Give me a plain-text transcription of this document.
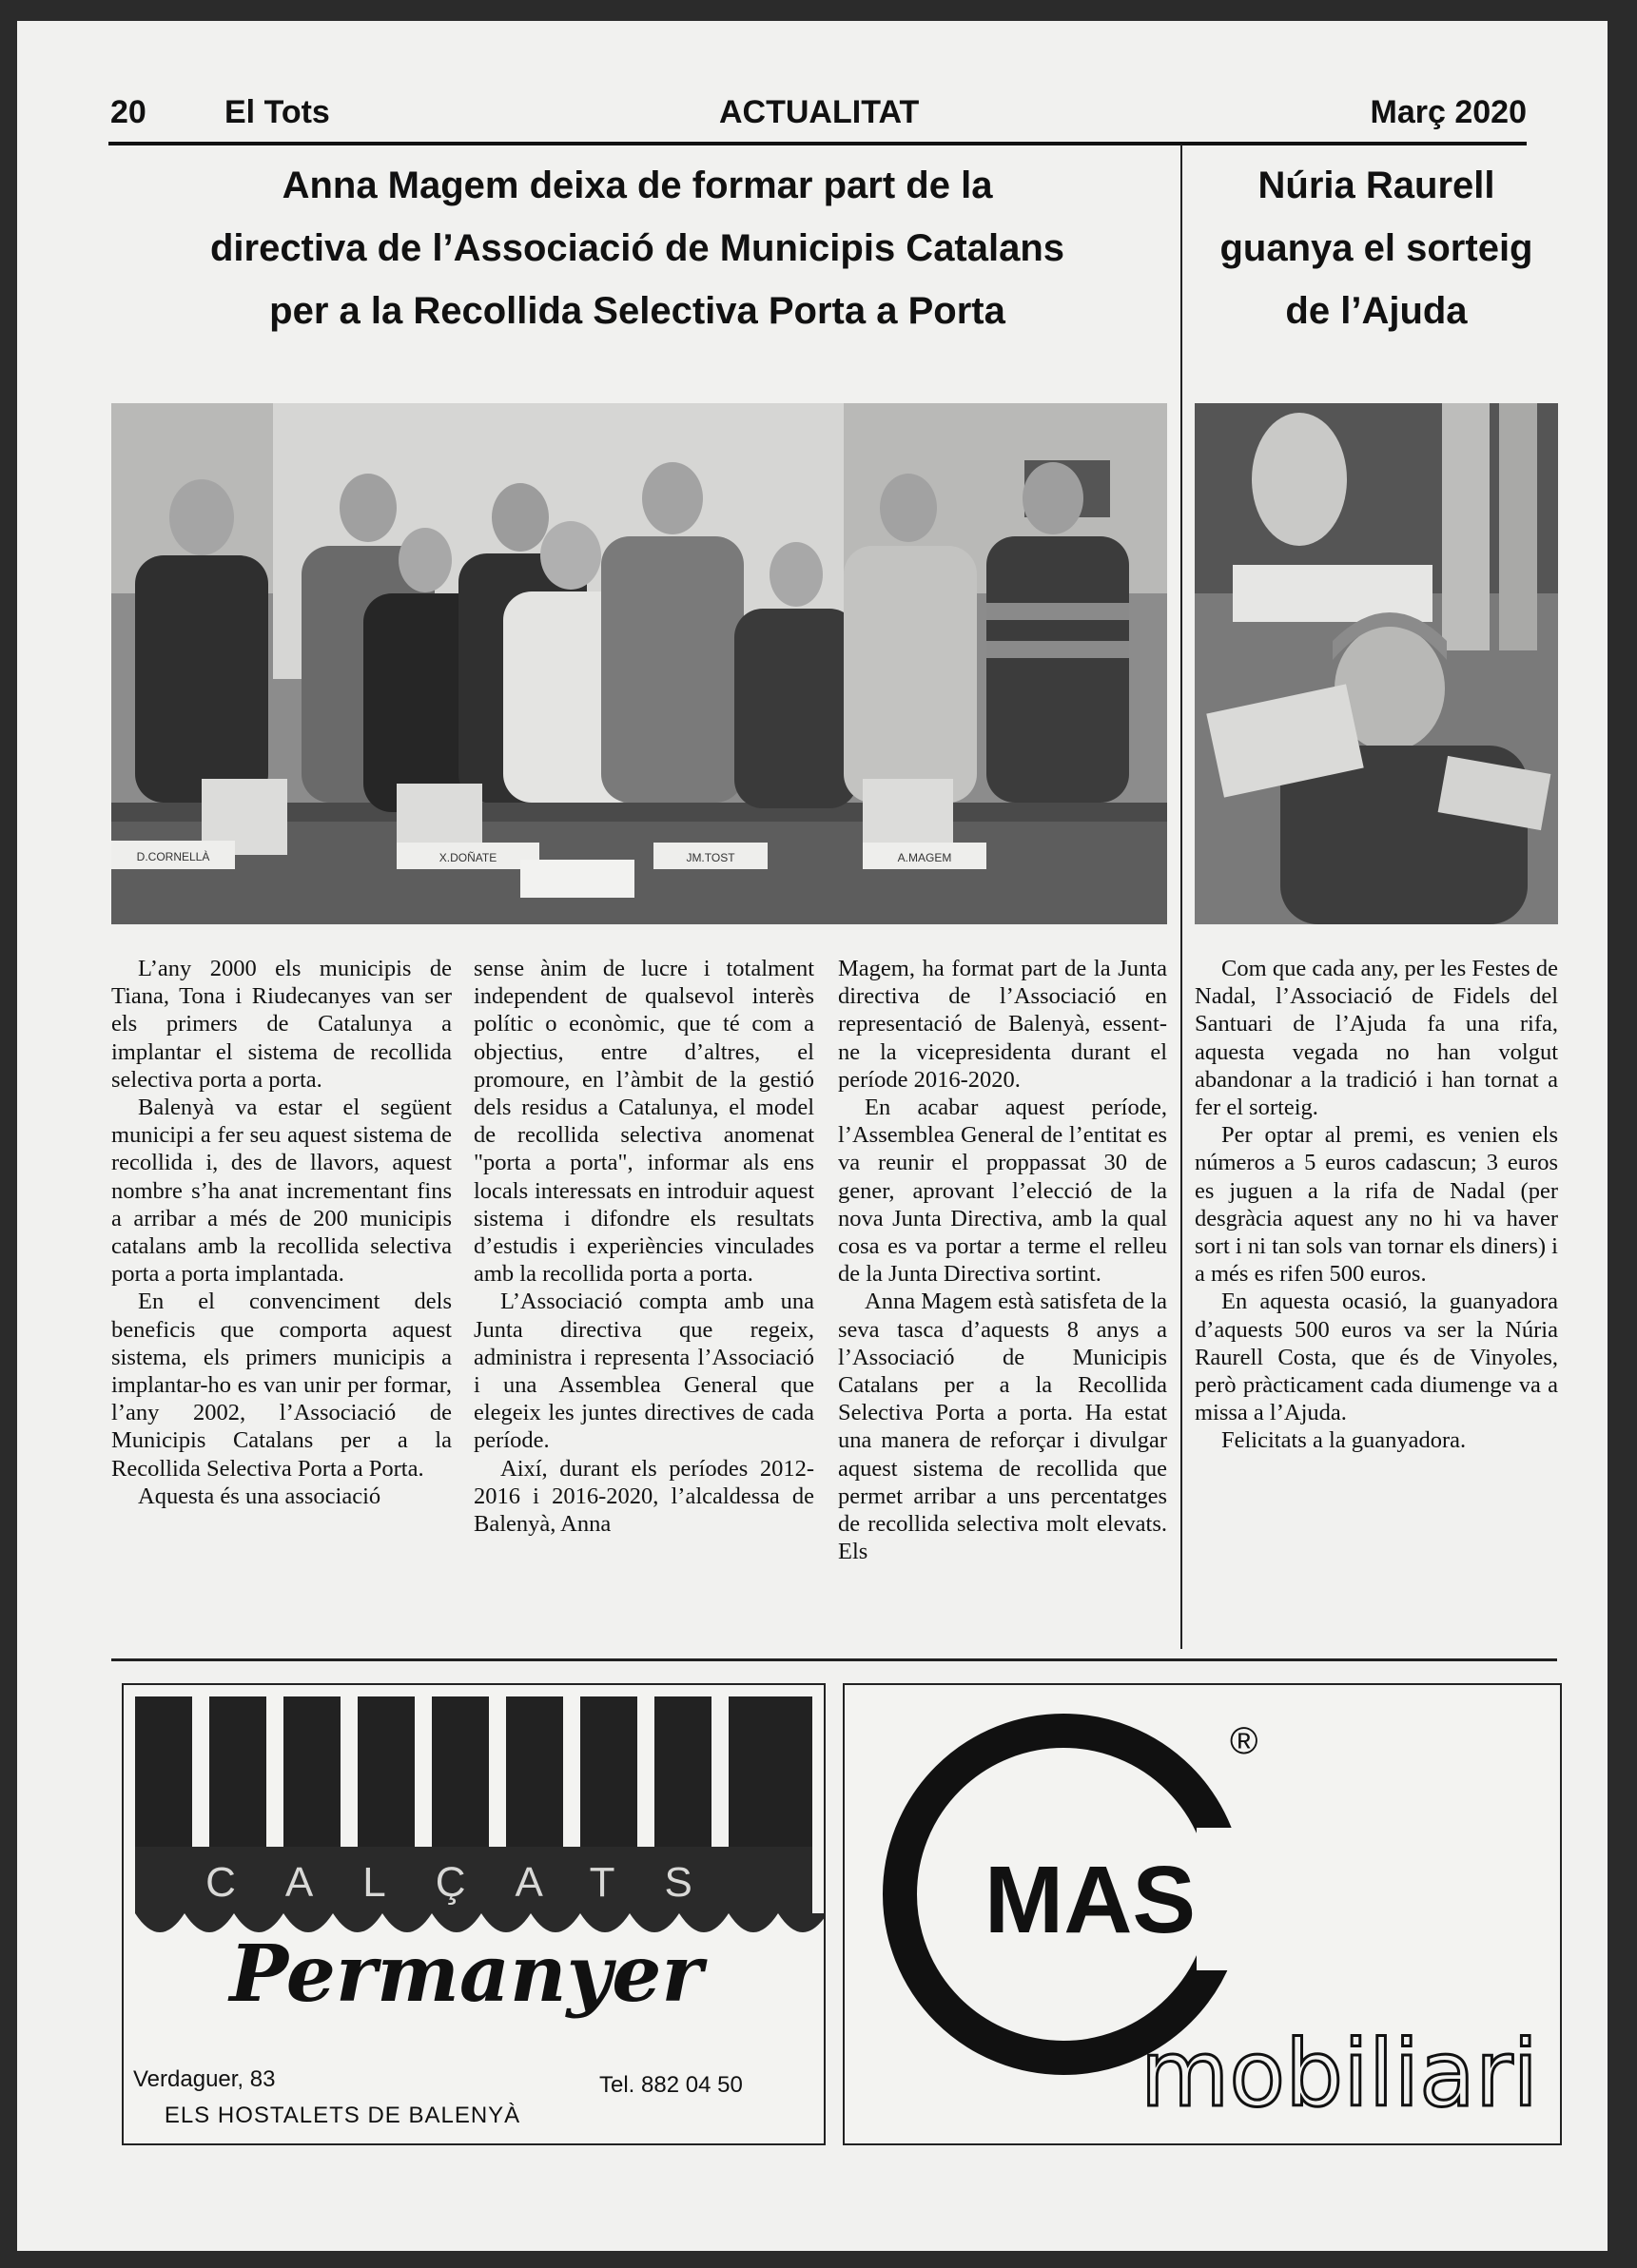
20 El Tots	ACTUALITAT	Març 2020
Anna Magem deixa de formar part de la
directiva de l’Associació de Municipis Catalans
per a la Recollida Selectiva Porta a Porta
Núria Raurell
guanya el sorteig
de l’Ajuda
D.CORNELLÀ	X.DOÑATE	JM.TOST	A.MAGEM

L’any 2000 els municipis de Tiana, Tona i Riudecanyes van ser els primers de Catalunya a implantar el sistema de recollida selectiva porta a porta.

Balenyà va estar el següent municipi a fer seu aquest sistema de recollida i, des de llavors, aquest nombre s’ha anat incrementant fins a arribar a més de 200 municipis catalans amb la recollida selectiva porta a porta implantada.

En el convenciment dels beneficis que comporta aquest sistema, els primers municipis a implantar-ho es van unir per formar, l’any 2002, l’Associació de Municipis Catalans per a la Recollida Selectiva Porta a Porta.

Aquesta és una associació

sense ànim de lucre i totalment independent de qualsevol interès polític o econòmic, que té com a objectius, entre d’altres, el promoure, en l’àmbit de la gestió dels residus a Catalunya, el model de recollida selectiva anomenat "porta a porta", informar als ens locals interessats en introduir aquest sistema i difondre els resultats d’estudis i experiències vinculades amb la recollida porta a porta.

L’Associació compta amb una Junta directiva que regeix, administra i representa l’Associació i una Assemblea General que elegeix les juntes directives de cada període.

Així, durant els períodes 2012-2016 i 2016-2020, l’alcaldessa de Balenyà, Anna

Magem, ha format part de la Junta directiva de l’Associació en representació de Balenyà, essent-ne la vicepresidenta durant el període 2016-2020.

En acabar aquest període, l’Assemblea General de l’entitat es va reunir el proppassat 30 de gener, aprovant l’elecció de la nova Junta Directiva, amb la qual cosa es va portar a terme el relleu de la Junta Directiva sortint.

Anna Magem està satisfeta de la seva tasca d’aquests 8 anys a l’Associació de Municipis Catalans per a la Recollida Selectiva Porta a porta. Ha estat una manera de reforçar i divulgar aquest sistema de recollida que permet arribar a uns percentatges de recollida selectiva molt elevats. Els

Com que cada any, per les Festes de Nadal, l’Associació de Fidels del Santuari de l’Ajuda fa una rifa, aquesta vegada no han volgut abandonar a la tradició i han tornat a fer el sorteig.

Per optar al premi, es venien els números a 5 euros cadascun; 3 euros es juguen a la rifa de Nadal (per desgràcia aquest any no hi va haver sort i ni tan sols van tornar els diners) i a més es rifen 500 euros.

En aquesta ocasió, la guanyadora d’aquests 500 euros va ser la Núria Raurell Costa, que és de Vinyoles, però pràcticament cada diumenge va a missa a l’Ajuda.

Felicitats a la guanyadora.

CALÇATS
Permanyer
Verdaguer, 83	Tel. 882 04 50
ELS HOSTALETS DE BALENYÀ
MAS
®
mobiliari
